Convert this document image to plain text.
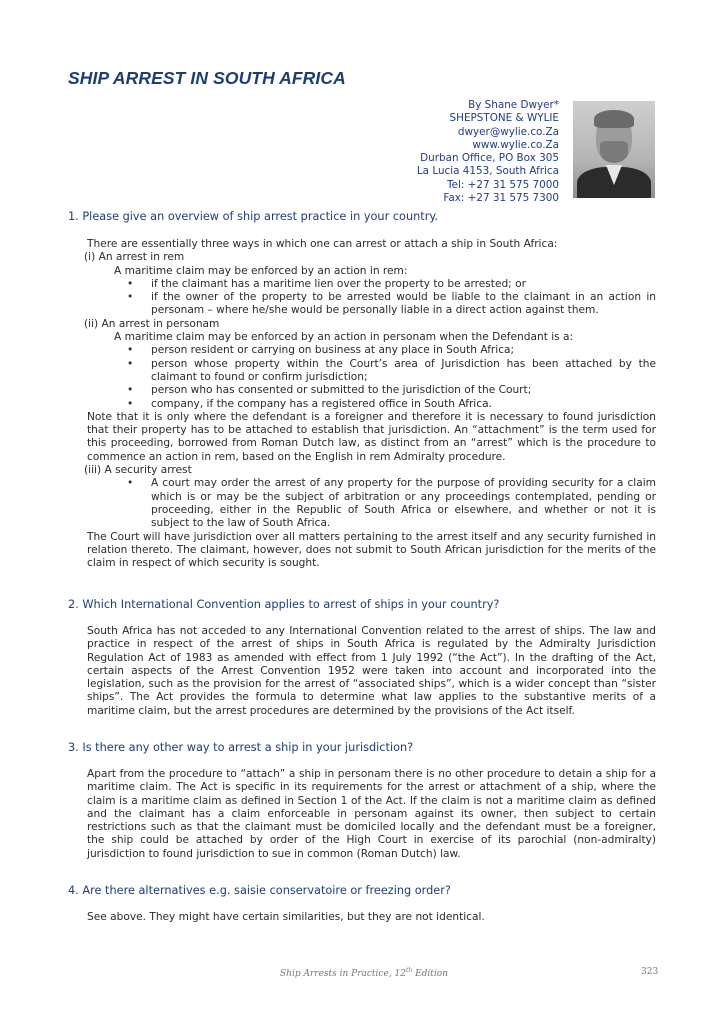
SHIP ARREST IN SOUTH AFRICA
By Shane Dwyer*
SHEPSTONE & WYLIE
dwyer@wylie.co.Za
www.wylie.co.Za
Durban Office, PO Box 305
La Lucia 4153, South Africa
Tel: +27 31 575 7000
Fax: +27 31 575 7300
1. Please give an overview of ship arrest practice in your country.
There are essentially three ways in which one can arrest or attach a ship in South Africa:
(i) An arrest in rem
A maritime claim may be enforced by an action in rem:
• if the claimant has a maritime lien over the property to be arrested; or
• if the owner of the property to be arrested would be liable to the claimant in an action in personam – where he/she would be personally liable in a direct action against them.
(ii) An arrest in personam
A maritime claim may be enforced by an action in personam when the Defendant is a:
• person resident or carrying on business at any place in South Africa;
• person whose property within the Court’s area of Jurisdiction has been attached by the claimant to found or confirm jurisdiction;
• person who has consented or submitted to the jurisdiction of the Court;
• company, if the company has a registered office in South Africa.
Note that it is only where the defendant is a foreigner and therefore it is necessary to found jurisdiction that their property has to be attached to establish that jurisdiction. An “attachment” is the term used for this proceeding, borrowed from Roman Dutch law, as distinct from an “arrest” which is the procedure to commence an action in rem, based on the English in rem Admiralty procedure.
(iii) A security arrest
• A court may order the arrest of any property for the purpose of providing security for a claim which is or may be the subject of arbitration or any proceedings contemplated, pending or proceeding, either in the Republic of South Africa or elsewhere, and whether or not it is subject to the law of South Africa.
The Court will have jurisdiction over all matters pertaining to the arrest itself and any security furnished in relation thereto. The claimant, however, does not submit to South African jurisdiction for the merits of the claim in respect of which security is sought.
2. Which International Convention applies to arrest of ships in your country?
South Africa has not acceded to any International Convention related to the arrest of ships. The law and practice in respect of the arrest of ships in South Africa is regulated by the Admiralty Jurisdiction Regulation Act of 1983 as amended with effect from 1 July 1992 (“the Act”). In the drafting of the Act, certain aspects of the Arrest Convention 1952 were taken into account and incorporated into the legislation, such as the provision for the arrest of “associated ships”, which is a wider concept than “sister ships”. The Act provides the formula to determine what law applies to the substantive merits of a maritime claim, but the arrest procedures are determined by the provisions of the Act itself.
3. Is there any other way to arrest a ship in your jurisdiction?
Apart from the procedure to “attach” a ship in personam there is no other procedure to detain a ship for a maritime claim. The Act is specific in its requirements for the arrest or attachment of a ship, where the claim is a maritime claim as defined in Section 1 of the Act. If the claim is not a maritime claim as defined and the claimant has a claim enforceable in personam against its owner, then subject to certain restrictions such as that the claimant must be domiciled locally and the defendant must be a foreigner, the ship could be attached by order of the High Court in exercise of its parochial (non-admiralty) jurisdiction to found jurisdiction to sue in common (Roman Dutch) law.
4. Are there alternatives e.g. saisie conservatoire or freezing order?
See above. They might have certain similarities, but they are not identical.
Ship Arrests in Practice, 12th Edition	323
